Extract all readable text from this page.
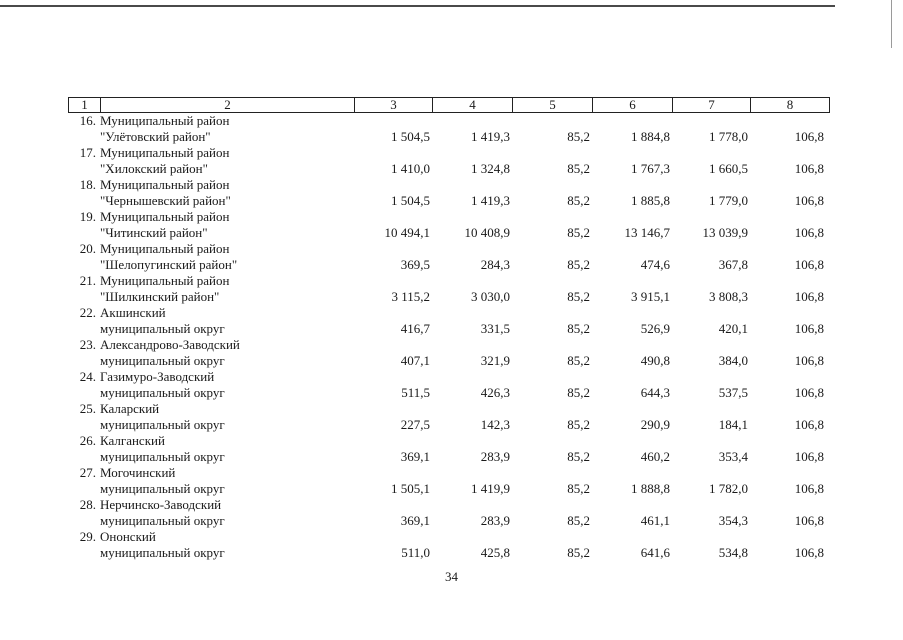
1	2	3	4	5	6	7	8
16. Муниципальный район
"Улётовский район"	1 504,5	1 419,3	85,2	1 884,8	1 778,0	106,8
17. Муниципальный район
"Хилокский район"	1 410,0	1 324,8	85,2	1 767,3	1 660,5	106,8
18. Муниципальный район
"Чернышевский район"	1 504,5	1 419,3	85,2	1 885,8	1 779,0	106,8
19. Муниципальный район
"Читинский район"	10 494,1	10 408,9	85,2	13 146,7	13 039,9	106,8
20. Муниципальный район
"Шелопугинский район"	369,5	284,3	85,2	474,6	367,8	106,8
21. Муниципальный район
"Шилкинский район"	3 115,2	3 030,0	85,2	3 915,1	3 808,3	106,8
22. Акшинский
муниципальный округ	416,7	331,5	85,2	526,9	420,1	106,8
23. Александрово-Заводский
муниципальный округ	407,1	321,9	85,2	490,8	384,0	106,8
24. Газимуро-Заводский
муниципальный округ	511,5	426,3	85,2	644,3	537,5	106,8
25. Каларский
муниципальный округ	227,5	142,3	85,2	290,9	184,1	106,8
26. Калганский
муниципальный округ	369,1	283,9	85,2	460,2	353,4	106,8
27. Могочинский
муниципальный округ	1 505,1	1 419,9	85,2	1 888,8	1 782,0	106,8
28. Нерчинско-Заводский
муниципальный округ	369,1	283,9	85,2	461,1	354,3	106,8
29. Ононский
муниципальный округ	511,0	425,8	85,2	641,6	534,8	106,8
34
